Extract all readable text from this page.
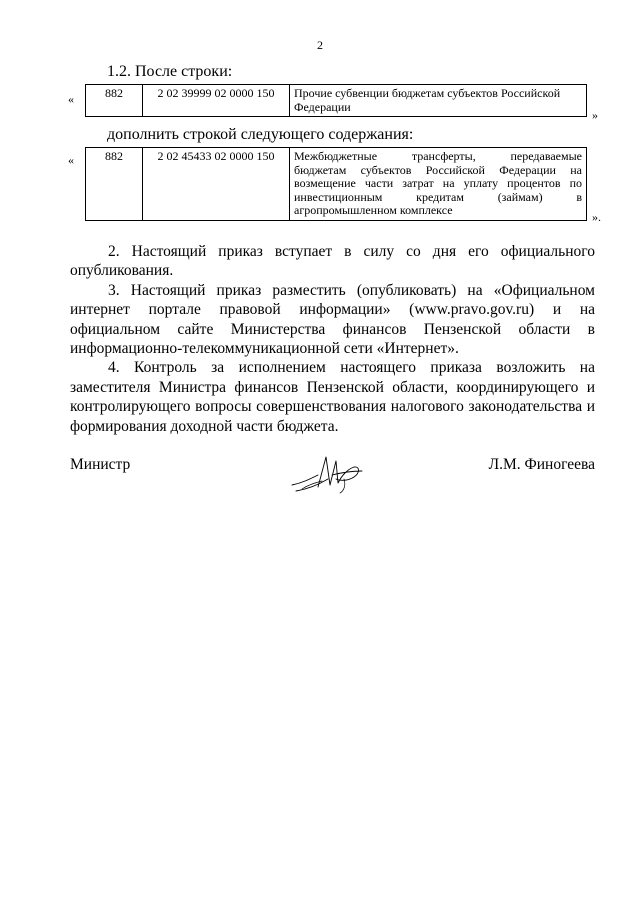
2
1.2. После строки:
«	882	2 02 39999 02 0000 150	Прочие субвенции бюджетам субъектов Российской Федерации
»
дополнить строкой следующего содержания:
«	882	2 02 45433 02 0000 150	Межбюджетные	трансферты,	передаваемые
бюджетам субъектов Российской Федерации на
возмещение части затрат на уплату процентов по
инвестиционным	кредитам	(займам)	в
агропромышленном комплексе	».

2. Настоящий приказ вступает в силу со дня его официального опубликования.

3. Настоящий приказ разместить (опубликовать) на «Официальном интернет портале правовой информации» (www.pravo.gov.ru) и на официальном сайте Министерства финансов Пензенской области в информационно-телекоммуникационной сети «Интернет».

4. Контроль за исполнением настоящего приказа возложить на заместителя Министра финансов Пензенской области, координирующего и контролирующего вопросы совершенствования налогового законодательства и формирования доходной части бюджета.

Министр	Л.М. Финогеева
